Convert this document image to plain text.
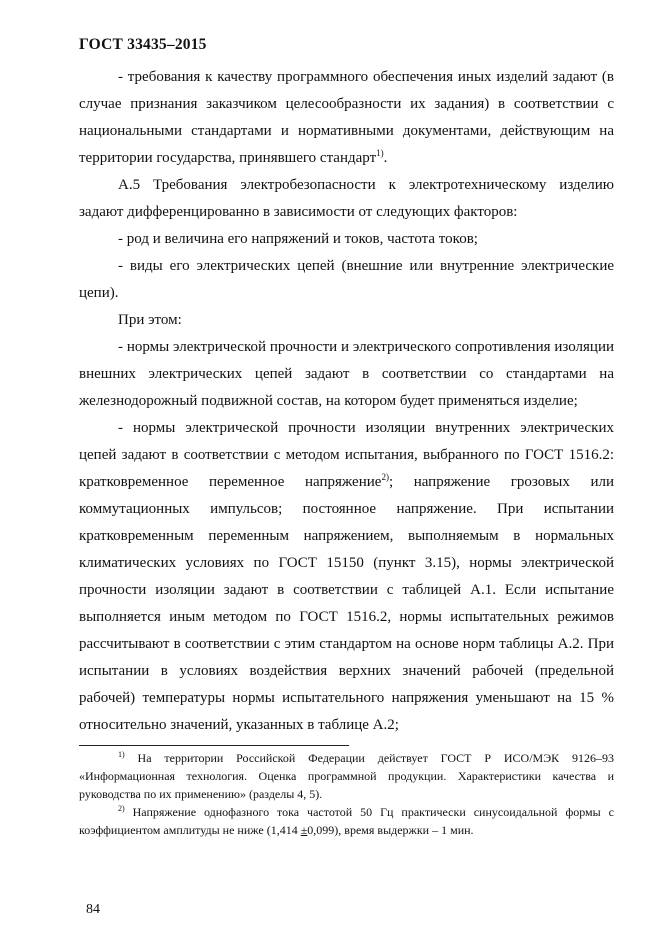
ГОСТ 33435–2015

- требования к качеству программного обеспечения иных изделий задают (в случае признания заказчиком целесообразности их задания) в соответствии с национальными стандартами и нормативными документами, действующим на территории государства, принявшего стандарт$^{1)}$.

А.5 Требования электробезопасности к электротехническому изделию задают дифференцированно в зависимости от следующих факторов:

- род и величина его напряжений и токов, частота токов;

- виды его электрических цепей (внешние или внутренние электрические цепи).

При этом:

- нормы электрической прочности и электрического сопротивления изоляции внешних электрических цепей задают в соответствии со стандартами на железнодорожный подвижной состав, на котором будет применяться изделие;

- нормы электрической прочности изоляции внутренних электрических цепей задают в соответствии с методом испытания, выбранного по ГОСТ 1516.2: кратковременное переменное напряжение$^{2)}$; напряжение грозовых или коммутационных импульсов; постоянное напряжение. При испытании кратковременным переменным напряжением, выполняемым в нормальных климатических условиях по ГОСТ 15150 (пункт 3.15), нормы электрической прочности изоляции задают в соответствии с таблицей А.1. Если испытание выполняется иным методом по ГОСТ 1516.2, нормы испытательных режимов рассчитывают в соответствии с этим стандартом на основе норм таблицы А.2. При испытании в условиях воздействия верхних значений рабочей (предельной рабочей) температуры нормы испытательного напряжения уменьшают на 15 % относительно значений, указанных в таблице А.2;

$^{1)}$ На территории Российской Федерации действует ГОСТ Р ИСО/МЭК 9126–93 «Информационная технология. Оценка программной продукции. Характеристики качества и руководства по их применению» (разделы 4, 5).

$^{2)}$ Напряжение однофазного тока частотой 50 Гц практически синусоидальной формы с коэффициентом амплитуды не ниже (1,414 ±0,099), время выдержки – 1 мин.

84
